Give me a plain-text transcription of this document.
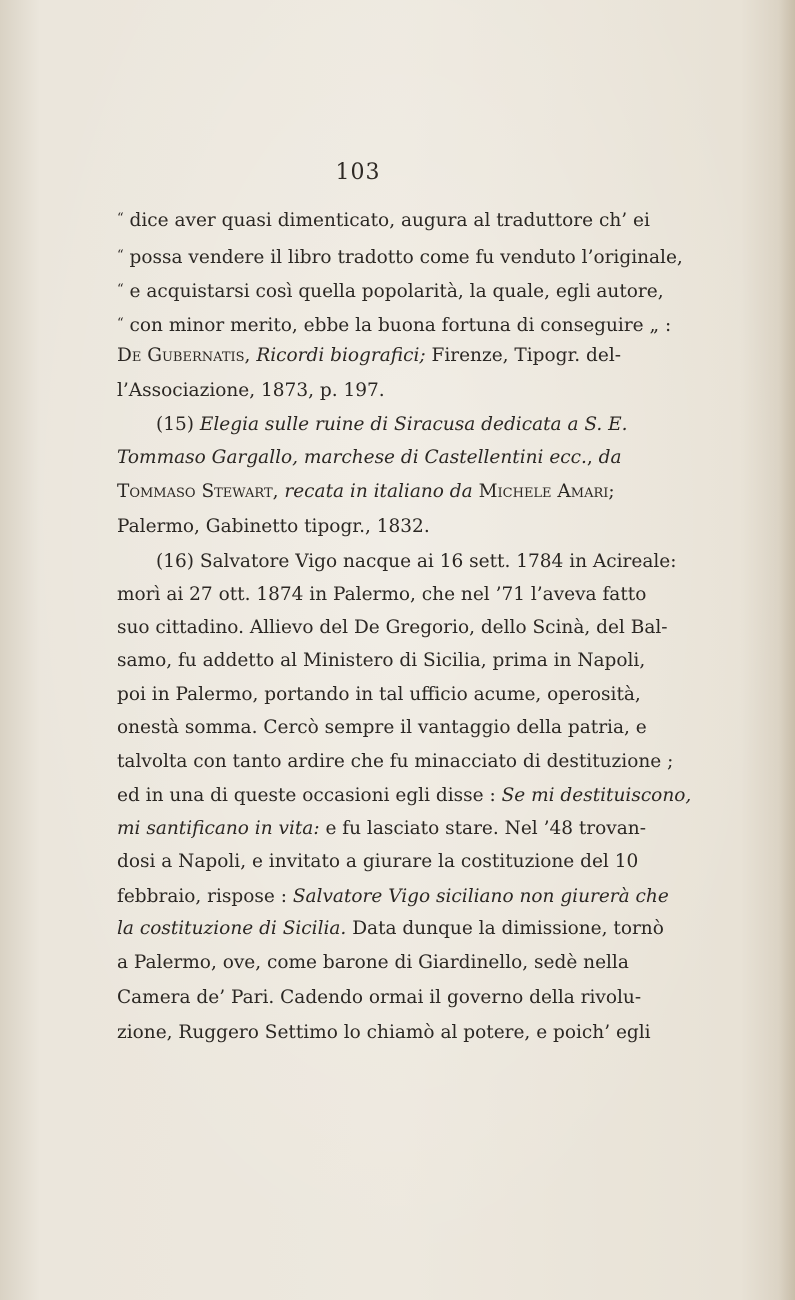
103
“ dice aver quasi dimenticato, augura al traduttore ch’ ei
“ possa vendere il libro tradotto come fu venduto l’originale,
“ e acquistarsi così quella popolarità, la quale, egli autore,
“ con minor merito, ebbe la buona fortuna di conseguire „ :
De Gubernatis, Ricordi biografici; Firenze, Tipogr. del-
l’Associazione, 1873, p. 197.
(15) Elegia sulle ruine di Siracusa dedicata a S. E.
Tommaso Gargallo, marchese di Castellentini ecc., da
Tommaso Stewart, recata in italiano da Michele Amari;
Palermo, Gabinetto tipogr., 1832.
(16) Salvatore Vigo nacque ai 16 sett. 1784 in Acireale:
morì ai 27 ott. 1874 in Palermo, che nel ’71 l’aveva fatto
suo cittadino. Allievo del De Gregorio, dello Scinà, del Bal-
samo, fu addetto al Ministero di Sicilia, prima in Napoli,
poi in Palermo, portando in tal ufficio acume, operosità,
onestà somma. Cercò sempre il vantaggio della patria, e
talvolta con tanto ardire che fu minacciato di destituzione ;
ed in una di queste occasioni egli disse : Se mi destituiscono,
mi santificano in vita: e fu lasciato stare. Nel ’48 trovan-
dosi a Napoli, e invitato a giurare la costituzione del 10
febbraio, rispose : Salvatore Vigo siciliano non giurerà che
la costituzione di Sicilia. Data dunque la dimissione, tornò
a Palermo, ove, come barone di Giardinello, sedè nella
Camera de’ Pari. Cadendo ormai il governo della rivolu-
zione, Ruggero Settimo lo chiamò al potere, e poich’ egli
